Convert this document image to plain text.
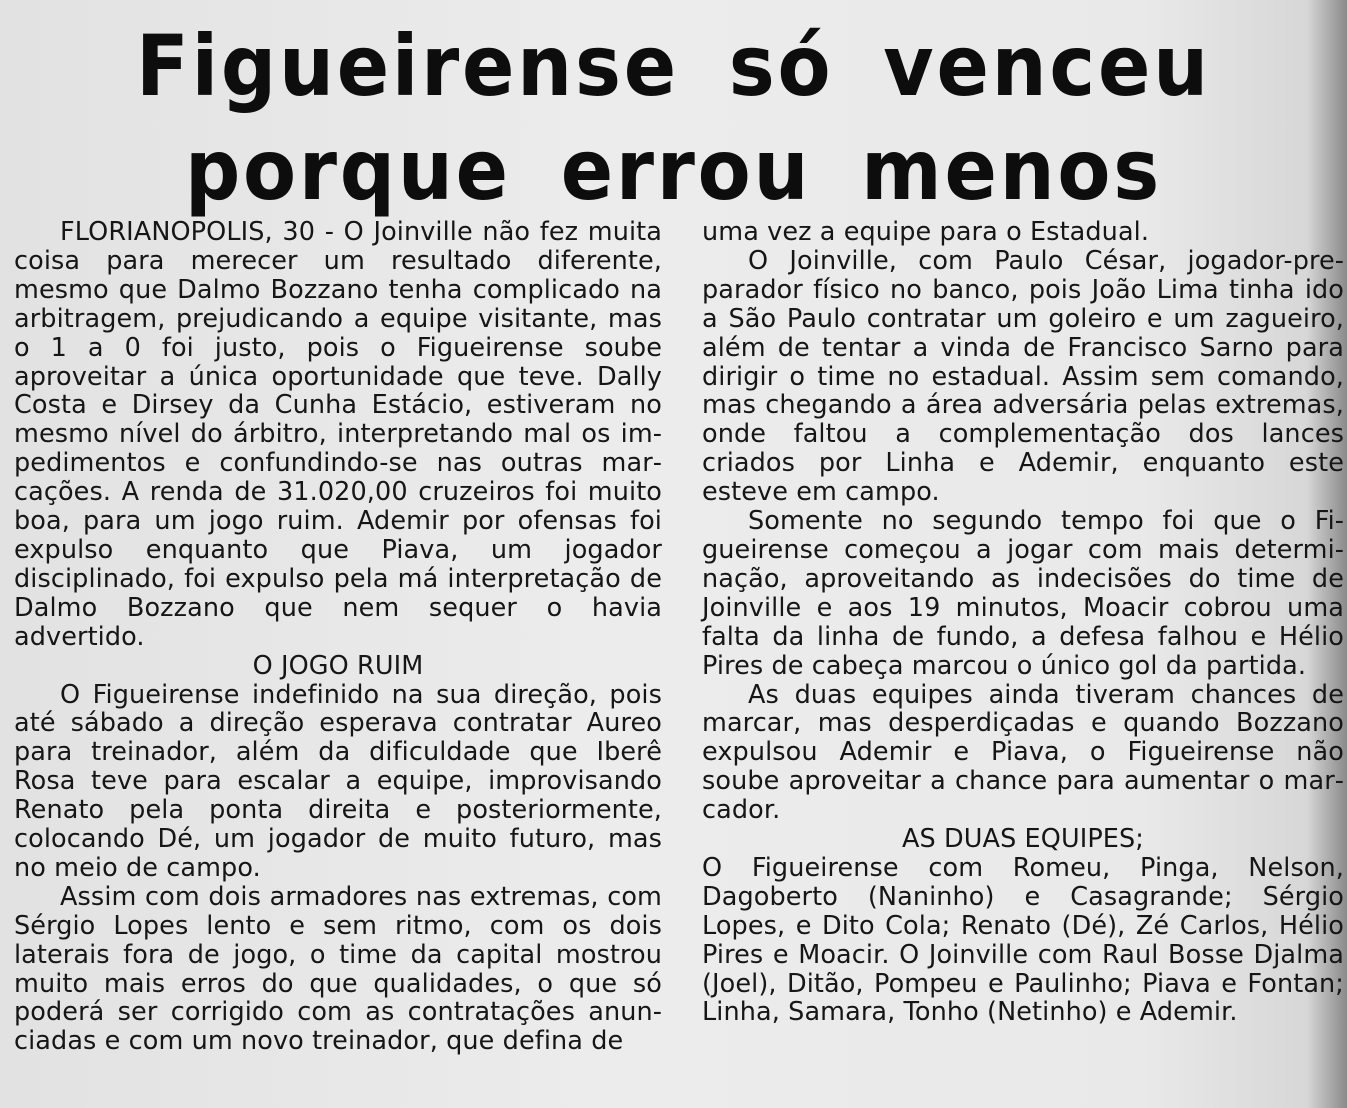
Figueirense só venceu
porque errou menos

FLORIANOPOLIS, 30 - O Joinville não fez muita coisa para merecer um resultado diferente, mesmo que Dalmo Bozzano tenha complicado na arbitragem, prejudicando a equipe visitante, mas o 1 a 0 foi justo, pois o Figueirense soube aproveitar a única oportunidade que teve. Dally Costa e Dirsey da Cunha Estácio, estiveram no mesmo nível do árbitro, interpretando mal os impedimentos e confundindo-se nas outras marcações. A renda de 31.020,00 cruzeiros foi muito boa, para um jogo ruim. Ademir por ofensas foi expulso enquanto que Piava, um jogador disciplinado, foi expulso pela má interpretação de Dalmo Bozzano que nem sequer o havia advertido.

O JOGO RUIM

O Figueirense indefinido na sua direção, pois até sábado a direção esperava contratar Aureo para treinador, além da dificuldade que Iberê Rosa teve para escalar a equipe, improvisando Renato pela ponta direita e posteriormente, colocando Dé, um jogador de muito futuro, mas no meio de campo.

Assim com dois armadores nas extremas, com Sérgio Lopes lento e sem ritmo, com os dois laterais fora de jogo, o time da capital mostrou muito mais erros do que qualidades, o que só poderá ser corrigido com as contratações anunciadas e com um novo treinador, que defina de

uma vez a equipe para o Estadual.

O Joinville, com Paulo César, jogador-preparador físico no banco, pois João Lima tinha ido a São Paulo contratar um goleiro e um zagueiro, além de tentar a vinda de Francisco Sarno para dirigir o time no estadual. Assim sem comando, mas chegando a área adversária pelas extremas, onde faltou a complementação dos lances criados por Linha e Ademir, enquanto este esteve em campo.

Somente no segundo tempo foi que o Figueirense começou a jogar com mais determinação, aproveitando as indecisões do time de Joinville e aos 19 minutos, Moacir cobrou uma falta da linha de fundo, a defesa falhou e Hélio Pires de cabeça marcou o único gol da partida.

As duas equipes ainda tiveram chances de marcar, mas desperdiçadas e quando Bozzano expulsou Ademir e Piava, o Figueirense não soube aproveitar a chance para aumentar o marcador.

AS DUAS EQUIPES;

O Figueirense com Romeu, Pinga, Nelson, Dagoberto (Naninho) e Casagrande; Sérgio Lopes, e Dito Cola; Renato (Dé), Zé Carlos, Hélio Pires e Moacir. O Joinville com Raul Bosse Djalma (Joel), Ditão, Pompeu e Paulinho; Piava e Fontan; Linha, Samara, Tonho (Netinho) e Ademir.
